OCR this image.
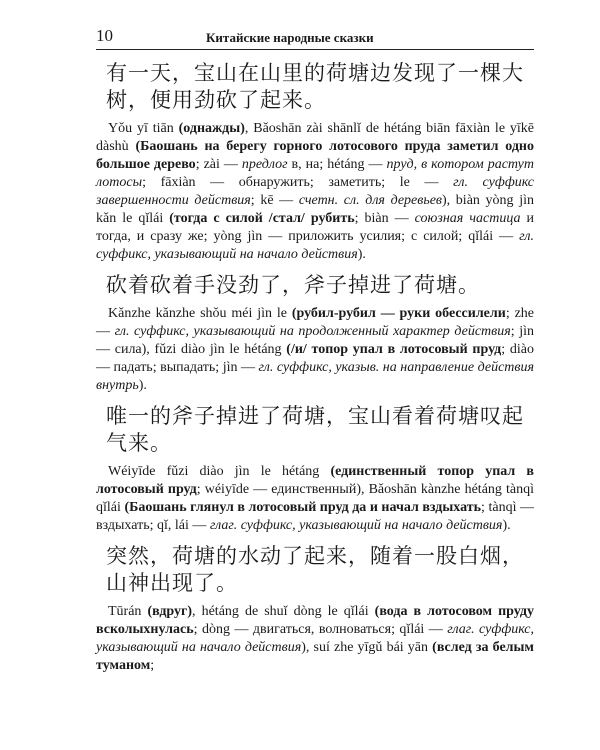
10	Китайские народные сказки
有一天，宝山在山里的荷塘边发现了一棵大树，便用劲砍了起来。

Yǒu yī tiān (однажды), Bǎoshān zài shānlǐ de hétáng biān fāxiàn le yīkē dàshù (Баошань на берегу горного лотосового пруда заметил одно большое дерево; zài — предлог в, на; hétáng — пруд, в котором растут лотосы; fāxiàn — обнаружить; заметить; le — гл. суффикс завершенности действия; kē — счетн. сл. для деревьев), biàn yòng jìn kǎn le qǐlái (тогда с силой /стал/ рубить; biàn — союзная частица и тогда, и сразу же; yòng jìn — приложить усилия; с силой; qǐlái — гл. суффикс, указывающий на начало действия).

砍着砍着手没劲了，斧子掉进了荷塘。

Kǎnzhe kǎnzhe shǒu méi jìn le (рубил-рубил — руки обессилели; zhe — гл. суффикс, указывающий на продолженный характер действия; jìn — сила), fǔzi diào jìn le hétáng (/и/ топор упал в лотосовый пруд; diào — падать; выпадать; jìn — гл. суффикс, указыв. на направление действия внутрь).

唯一的斧子掉进了荷塘，宝山看着荷塘叹起气来。

Wéiyīde fǔzi diào jìn le hétáng (единственный топор упал в лотосовый пруд; wéiyīde — единственный), Bǎoshān kànzhe hétáng tànqì qǐlái (Баошань глянул в лотосовый пруд да и начал вздыхать; tànqì — вздыхать; qǐ, lái — глаг. суффикс, указывающий на начало действия).

突然，荷塘的水动了起来，随着一股白烟，山神出现了。

Tūrán (вдруг), hétáng de shuǐ dòng le qǐlái (вода в лотосовом пруду всколыхнулась; dòng — двигаться, волноваться; qǐlái — глаг. суффикс, указывающий на начало действия), suí zhe yīgǔ bái yān (вслед за белым туманом;
